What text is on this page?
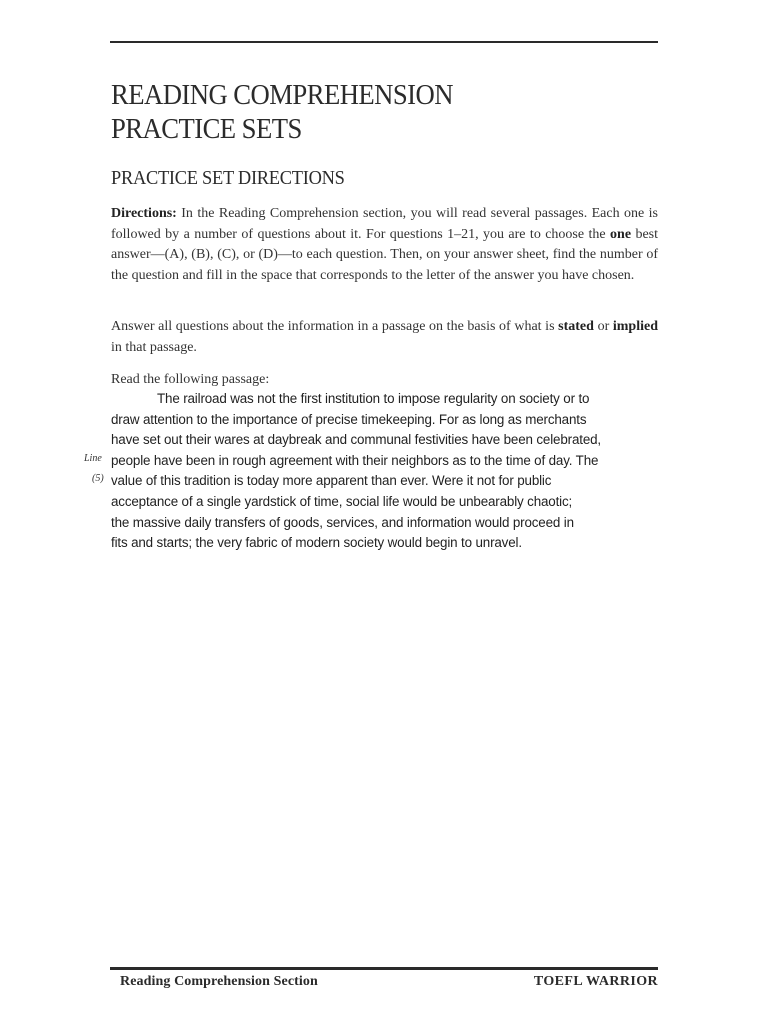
READING COMPREHENSION
PRACTICE SETS
PRACTICE SET DIRECTIONS

Directions: In the Reading Comprehension section, you will read several passages. Each one is followed by a number of questions about it. For questions 1–21, you are to choose the one best answer—(A), (B), (C), or (D)—to each question. Then, on your answer sheet, find the number of the question and fill in the space that corresponds to the letter of the answer you have chosen.

Answer all questions about the information in a passage on the basis of what is stated or implied in that passage.

Read the following passage:

Line
(5)
The railroad was not the first institution to impose regularity on society or to
draw attention to the importance of precise timekeeping. For as long as merchants
have set out their wares at daybreak and communal festivities have been celebrated,
people have been in rough agreement with their neighbors as to the time of day. The
value of this tradition is today more apparent than ever. Were it not for public
acceptance of a single yardstick of time, social life would be unbearably chaotic;
the massive daily transfers of goods, services, and information would proceed in
fits and starts; the very fabric of modern society would begin to unravel.
Reading Comprehension Section	TOEFL WARRIOR
